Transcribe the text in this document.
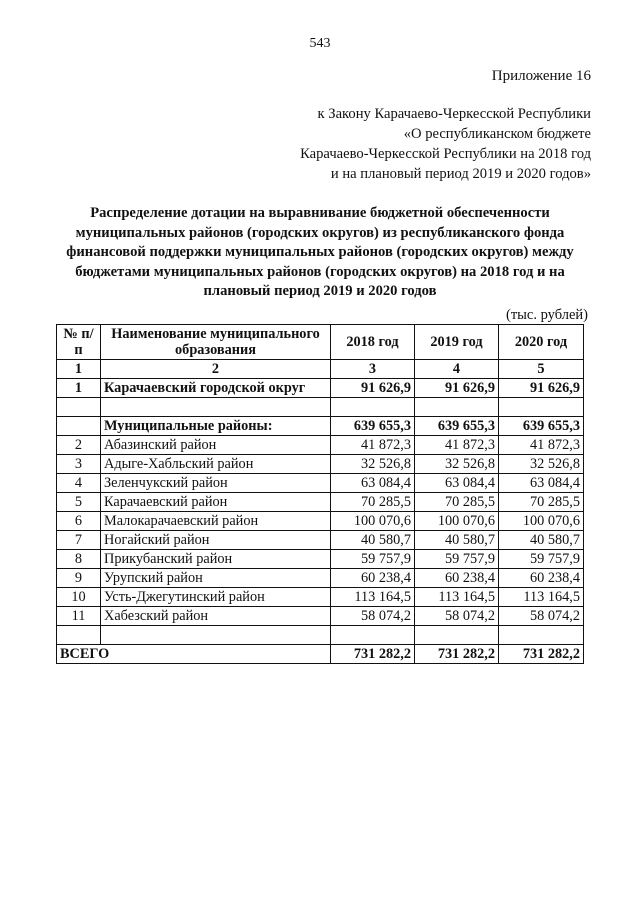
543
Приложение 16
к Закону Карачаево-Черкесской Республики
«О республиканском бюджете
Карачаево-Черкесской Республики на 2018 год
и на плановый период 2019 и 2020 годов»
Распределение дотации на выравнивание бюджетной обеспеченности муниципальных районов (городских округов) из республиканского фонда финансовой поддержки муниципальных районов (городских округов) между бюджетами муниципальных районов (городских округов) на 2018 год и на плановый период 2019 и 2020 годов
(тыс. рублей)
№ п/п	Наименование муниципального образования	2018 год	2019 год	2020 год
1	2	3	4	5
1	Карачаевский городской округ	91 626,9	91 626,9	91 626,9

	Муниципальные районы:	639 655,3	639 655,3	639 655,3
2	Абазинский район	41 872,3	41 872,3	41 872,3
3	Адыге-Хабльский район	32 526,8	32 526,8	32 526,8
4	Зеленчукский район	63 084,4	63 084,4	63 084,4
5	Карачаевский район	70 285,5	70 285,5	70 285,5
6	Малокарачаевский район	100 070,6	100 070,6	100 070,6
7	Ногайский район	40 580,7	40 580,7	40 580,7
8	Прикубанский район	59 757,9	59 757,9	59 757,9
9	Урупский район	60 238,4	60 238,4	60 238,4
10	Усть-Джегутинский район	113 164,5	113 164,5	113 164,5
11	Хабезский район	58 074,2	58 074,2	58 074,2

ВСЕГО		731 282,2	731 282,2	731 282,2
